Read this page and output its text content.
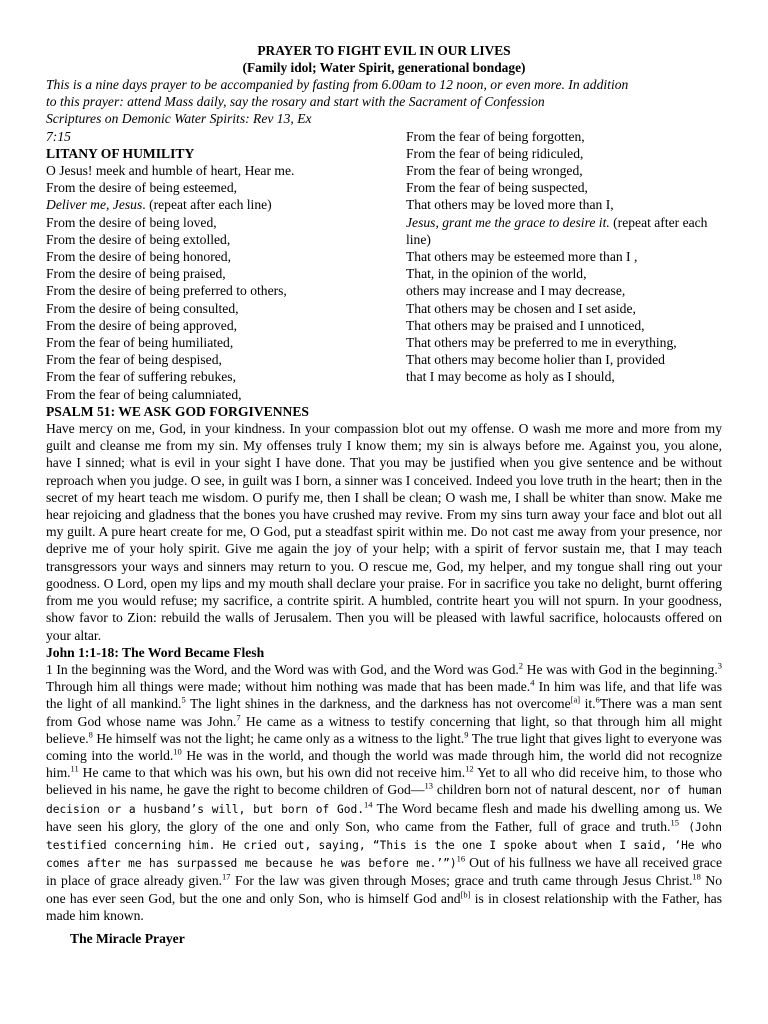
PRAYER TO FIGHT EVIL IN OUR LIVES
(Family idol; Water Spirit, generational bondage)
This is a nine days prayer to be accompanied by fasting from 6.00am to 12 noon, or even more. In addition
to this prayer: attend Mass daily, say the rosary and start with the Sacrament of Confession
Scriptures on Demonic Water Spirits: Rev 13, Ex
7:15
LITANY OF HUMILITY
O Jesus! meek and humble of heart, Hear me.
From the desire of being esteemed,
Deliver me, Jesus. (repeat after each line)
From the desire of being loved,
From the desire of being extolled,
From the desire of being honored,
From the desire of being praised,
From the desire of being preferred to others,
From the desire of being consulted,
From the desire of being approved,
From the fear of being humiliated,
From the fear of being despised,
From the fear of suffering rebukes,
From the fear of being calumniated,
From the fear of being forgotten,
From the fear of being ridiculed,
From the fear of being wronged,
From the fear of being suspected,
That others may be loved more than I,
Jesus, grant me the grace to desire it. (repeat after each line)
That others may be esteemed more than I ,
That, in the opinion of the world,
others may increase and I may decrease,
That others may be chosen and I set aside,
That others may be praised and I unnoticed,
That others may be preferred to me in everything,
That others may become holier than I, provided
that I may become as holy as I should,
PSALM 51: WE ASK GOD FORGIVENNES
Have mercy on me, God, in your kindness. In your compassion blot out my offense. O wash me more and more from my guilt and cleanse me from my sin. My offenses truly I know them; my sin is always before me. Against you, you alone, have I sinned; what is evil in your sight I have done. That you may be justified when you give sentence and be without reproach when you judge. O see, in guilt was I born, a sinner was I conceived. Indeed you love truth in the heart; then in the secret of my heart teach me wisdom. O purify me, then I shall be clean; O wash me, I shall be whiter than snow. Make me hear rejoicing and gladness that the bones you have crushed may revive. From my sins turn away your face and blot out all my guilt. A pure heart create for me, O God, put a steadfast spirit within me. Do not cast me away from your presence, nor deprive me of your holy spirit. Give me again the joy of your help; with a spirit of fervor sustain me, that I may teach transgressors your ways and sinners may return to you. O rescue me, God, my helper, and my tongue shall ring out your goodness. O Lord, open my lips and my mouth shall declare your praise. For in sacrifice you take no delight, burnt offering from me you would refuse; my sacrifice, a contrite spirit. A humbled, contrite heart you will not spurn. In your goodness, show favor to Zion: rebuild the walls of Jerusalem. Then you will be pleased with lawful sacrifice, holocausts offered on your altar.
John 1:1-18: The Word Became Flesh
1 In the beginning was the Word, and the Word was with God, and the Word was God.$^2$ He was with God in the beginning.$^3$ Through him all things were made; without him nothing was made that has been made.$^4$ In him was life, and that life was the light of all mankind.$^5$ The light shines in the darkness, and the darkness has not overcome[a] it.$^6$There was a man sent from God whose name was John.$^7$ He came as a witness to testify concerning that light, so that through him all might believe.$^8$ He himself was not the light; he came only as a witness to the light.$^9$ The true light that gives light to everyone was coming into the world.$^{10}$ He was in the world, and though the world was made through him, the world did not recognize him.$^{11}$ He came to that which was his own, but his own did not receive him.$^{12}$ Yet to all who did receive him, to those who believed in his name, he gave the right to become children of God—$^{13}$ children born not of natural descent, nor of human decision or a husband’s will, but born of God.$^{14}$ The Word became flesh and made his dwelling among us. We have seen his glory, the glory of the one and only Son, who came from the Father, full of grace and truth.$^{15}$ (John testified concerning him. He cried out, saying, “This is the one I spoke about when I said, ‘He who comes after me has surpassed me because he was before me.’”)$^{16}$ Out of his fullness we have all received grace in place of grace already given.$^{17}$ For the law was given through Moses; grace and truth came through Jesus Christ.$^{18}$ No one has ever seen God, but the one and only Son, who is himself God and[b] is in closest relationship with the Father, has made him known.
The Miracle Prayer
